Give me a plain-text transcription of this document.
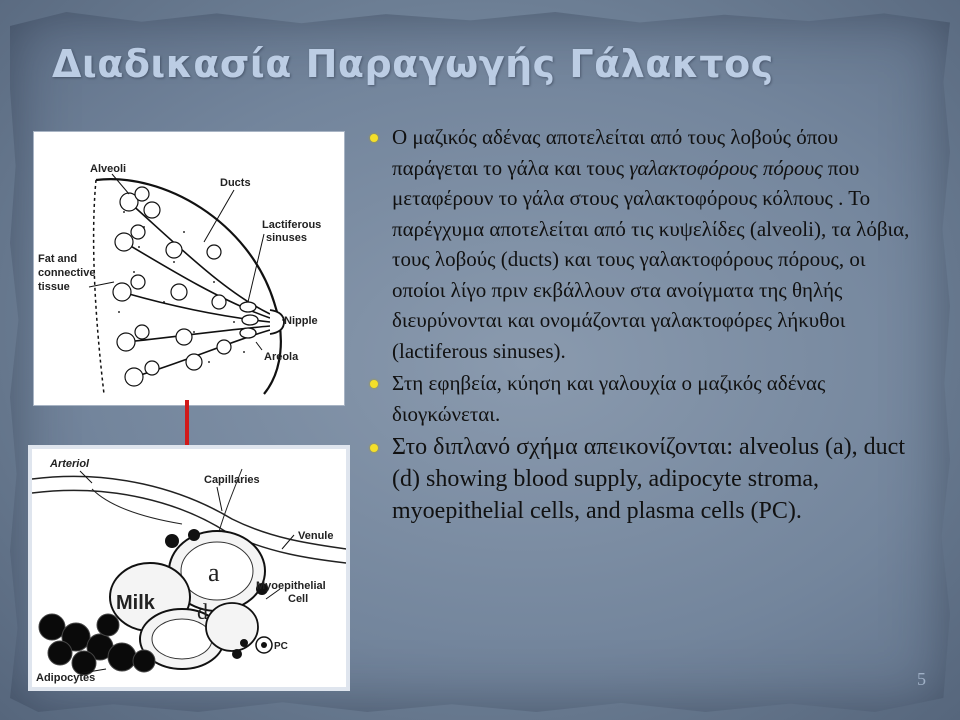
Διαδικασία Παραγωγής Γάλακτος
Alveoli
Ducts
Lactiferous
sinuses
Fat and
connective
tissue
Nipple
Areola
Arteriol
Capillaries
Venule
a
Milk d
Myoepithelial
Cell
PC
Adipocytes
Ο μαζικός αδένας αποτελείται από τους λοβούς όπου παράγεται το γάλα και τους γαλακτοφόρους πόρους που μεταφέρουν το γάλα στους γαλακτοφόρους κόλπους . Το παρέγχυμα αποτελείται από τις κυψελίδες (alveoli), τα λόβια, τους λοβούς (ducts) και τους γαλακτοφόρους πόρους, οι οποίοι λίγο πριν εκβάλλουν στα ανοίγματα της θηλής διευρύνονται και ονομάζονται γαλακτοφόρες λήκυθοι (lactiferous sinuses).
Στη εφηβεία, κύηση και γαλουχία ο μαζικός αδένας διογκώνεται.
Στο διπλανό σχήμα απεικονίζονται: alveolus (a), duct (d) showing blood supply, adipocyte stroma, myoepithelial cells, and plasma cells (PC).
5
